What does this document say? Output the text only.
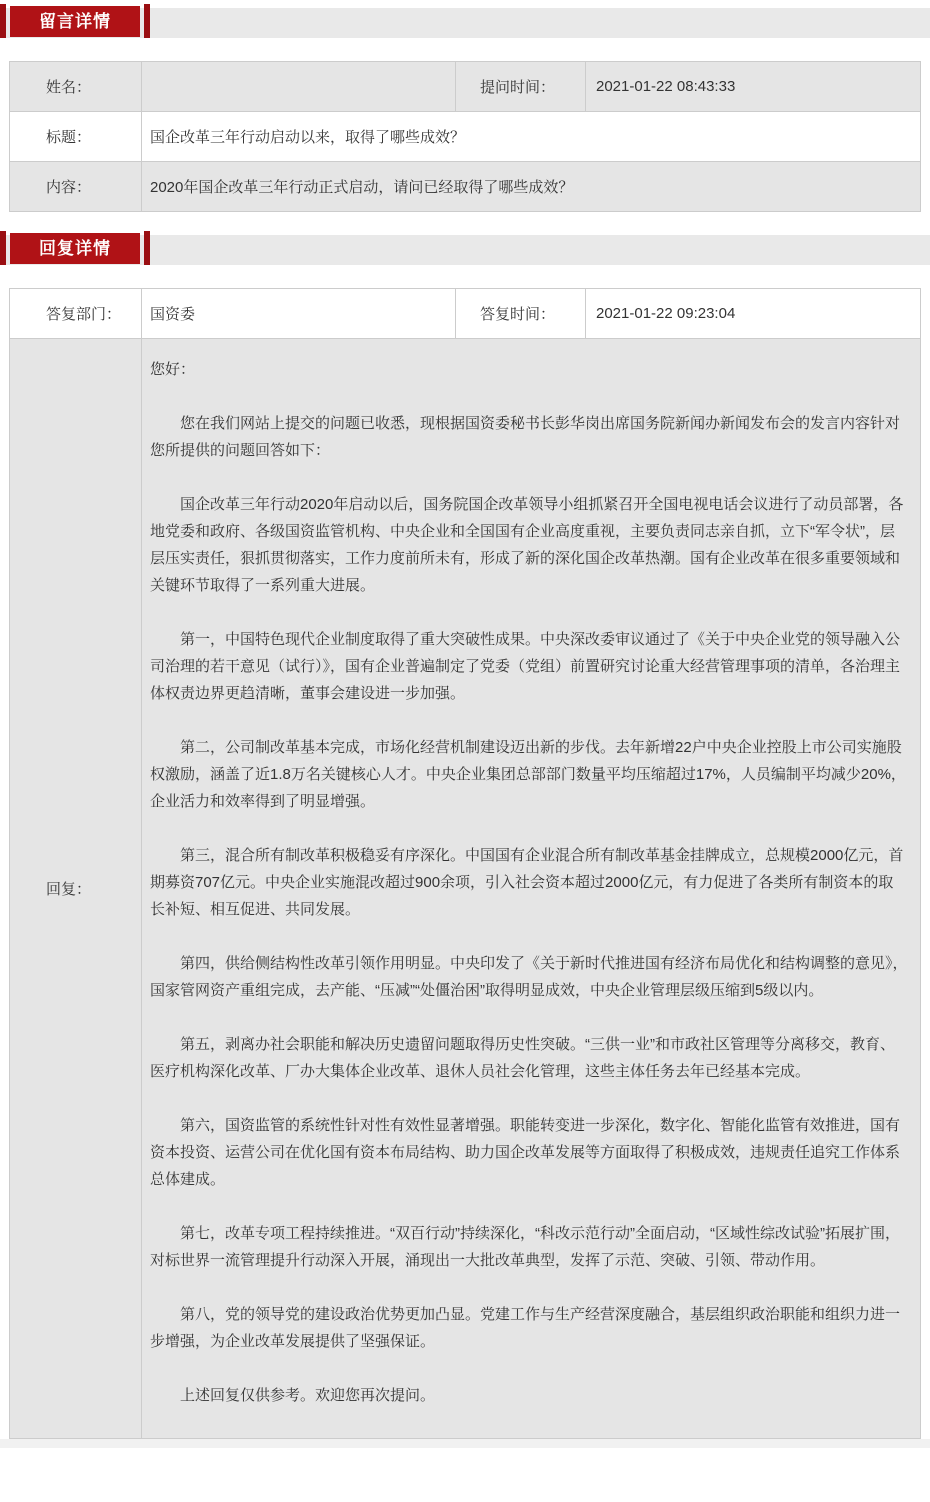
留言详情
姓名：		提问时间：	2021-01-22 08:43:33
标题：	国企改革三年行动启动以来，取得了哪些成效？		
内容：	2020年国企改革三年行动正式启动，请问已经取得了哪些成效？		
回复详情
答复部门：	国资委	答复时间：	2021-01-22 09:23:04
回复：	

您好：

您在我们网站上提交的问题已收悉，现根据国资委秘书长彭华岗出席国务院新闻办新闻发布会的发言内容针对您所提供的问题回答如下：

国企改革三年行动2020年启动以后，国务院国企改革领导小组抓紧召开全国电视电话会议进行了动员部署，各地党委和政府、各级国资监管机构、中央企业和全国国有企业高度重视，主要负责同志亲自抓，立下“军令状”，层层压实责任，狠抓贯彻落实，工作力度前所未有，形成了新的深化国企改革热潮。国有企业改革在很多重要领域和关键环节取得了一系列重大进展。

第一，中国特色现代企业制度取得了重大突破性成果。中央深改委审议通过了《关于中央企业党的领导融入公司治理的若干意见（试行）》，国有企业普遍制定了党委（党组）前置研究讨论重大经营管理事项的清单，各治理主体权责边界更趋清晰，董事会建设进一步加强。

第二，公司制改革基本完成，市场化经营机制建设迈出新的步伐。去年新增22户中央企业控股上市公司实施股权激励，涵盖了近1.8万名关键核心人才。中央企业集团总部部门数量平均压缩超过17%，人员编制平均减少20%，企业活力和效率得到了明显增强。

第三，混合所有制改革积极稳妥有序深化。中国国有企业混合所有制改革基金挂牌成立，总规模2000亿元，首期募资707亿元。中央企业实施混改超过900余项，引入社会资本超过2000亿元，有力促进了各类所有制资本的取长补短、相互促进、共同发展。

第四，供给侧结构性改革引领作用明显。中央印发了《关于新时代推进国有经济布局优化和结构调整的意见》，国家管网资产重组完成，去产能、“压减”“处僵治困”取得明显成效，中央企业管理层级压缩到5级以内。

第五，剥离办社会职能和解决历史遗留问题取得历史性突破。“三供一业”和市政社区管理等分离移交，教育、医疗机构深化改革、厂办大集体企业改革、退休人员社会化管理，这些主体任务去年已经基本完成。

第六，国资监管的系统性针对性有效性显著增强。职能转变进一步深化，数字化、智能化监管有效推进，国有资本投资、运营公司在优化国有资本布局结构、助力国企改革发展等方面取得了积极成效，违规责任追究工作体系总体建成。

第七，改革专项工程持续推进。“双百行动”持续深化，“科改示范行动”全面启动，“区域性综改试验”拓展扩围，对标世界一流管理提升行动深入开展，涌现出一大批改革典型，发挥了示范、突破、引领、带动作用。

第八，党的领导党的建设政治优势更加凸显。党建工作与生产经营深度融合，基层组织政治职能和组织力进一步增强，为企业改革发展提供了坚强保证。

上述回复仅供参考。欢迎您再次提问。
